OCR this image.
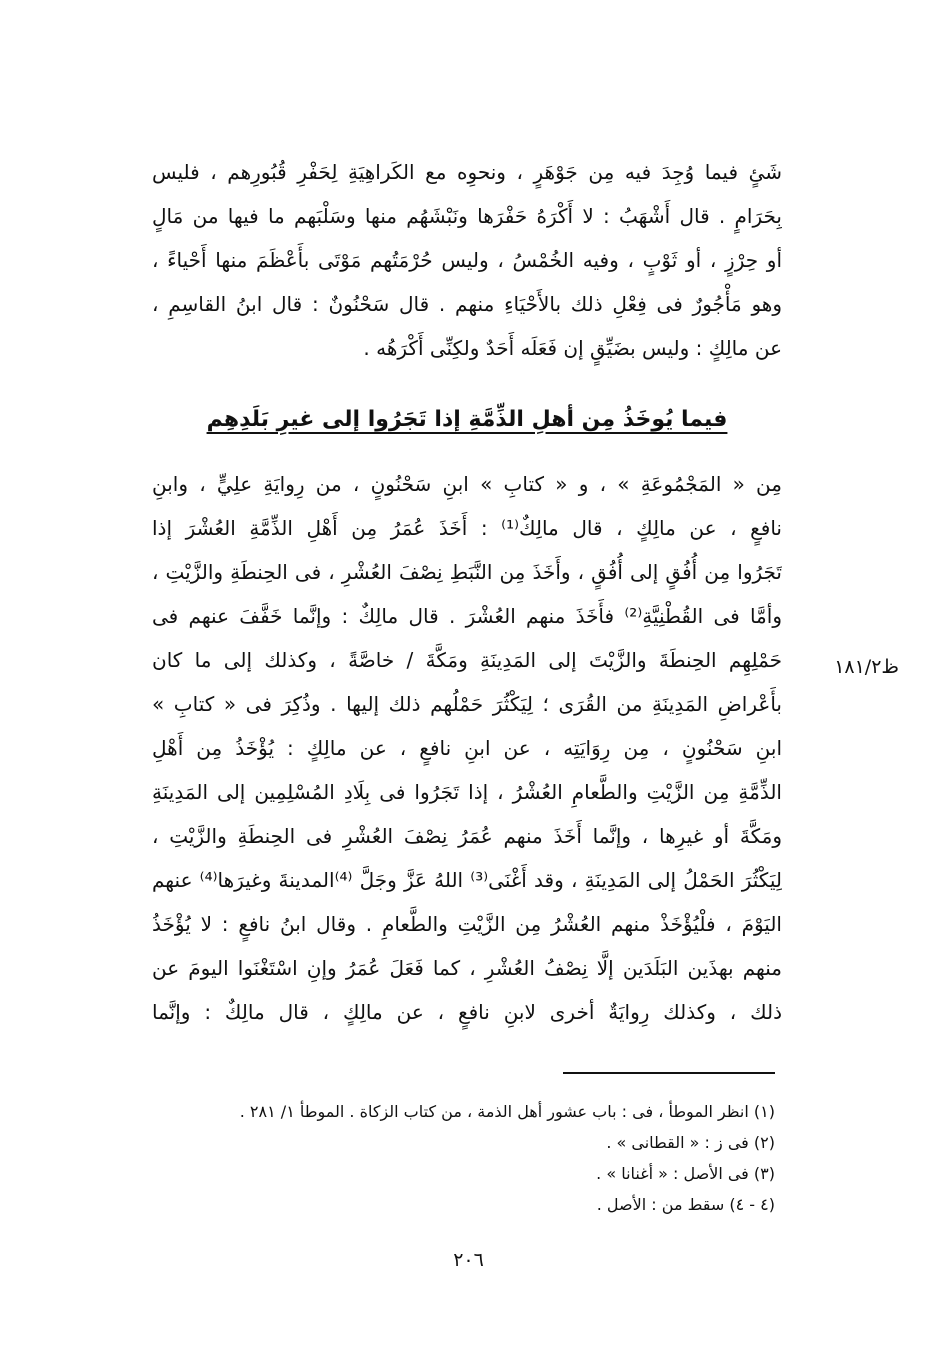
شَئٍ فيما وُجِدَ فيه مِن جَوْهَرٍ ، ونحوِه مع الكَراهِيَةِ لِحَفْرِ قُبُورِهم ، فليس
بِحَرَامٍ . قال أَشْهَبُ : لا أَكْرَهُ حَفْرَها ونَبْشَهُم منها وسَلْبَهم ما فيها من مَالٍ
أو حِرْزٍ ، أو ثَوْبٍ ، وفيه الخُمْسُ ، وليس حُرْمَتُهم مَوْتَى بأَعْظَمَ منها أَحْياءً ،
وهو مَأْجُورٌ فى فِعْلِ ذلك بالأَحْيَاءِ منهم . قال سَحْنُونٌ : قال ابنُ القاسِمِ ،
عن مالِكٍ : وليس بضَيِّقٍ إن فَعَلَه أَحَدٌ ولكِنِّى أَكْرَهُه .
فيما يُوخَذُ مِن أهلِ الذِّمَّةِ إذا تَجَرُوا إلى غيرِ بَلَدِهِم
مِن « المَجْمُوعَةِ » ، و « كتابِ » ابنِ سَحْنُونٍ ، من رِوايَةِ علِيٍّ ، وابنِ
نافعٍ ، عن مالِكٍ ، قال مالِكٌ⁽¹⁾ : أَخَذَ عُمَرُ مِن أَهْلِ الذِّمَّةِ العُشْرَ إذا
تَجَرُوا مِن أُفُقٍ إلى أُفُقٍ ، وأَخَذَ مِن النَّبَطِ نِصْفَ العُشْرِ ، فى الحِنطَةِ والزَّيْتِ ،
وأمَّا فى القُطْنِيَّةِ⁽²⁾ فأَخَذَ منهم العُشْرَ . قال مالِكٌ : وإنَّما خَفَّفَ عنهم فى
حَمْلِهِم الحِنطَةَ والزَّيْتَ إلى المَدِينَةِ ومَكَّةَ / خاصَّةً ، وكذلك إلى ما كان
بأَعْراضِ المَدِينَةِ من القُرَى ؛ لِيَكْثُرَ حَمْلُهم ذلك إليها . وذُكِرَ فى « كتابِ »
ابنِ سَحْنُونٍ ، مِن رِوَايَتِه ، عن ابنِ نافعٍ ، عن مالِكٍ : يُؤْخَذُ مِن أَهْلِ
الذِّمَّةِ مِن الزَّيْتِ والطَّعامِ العُشْرُ ، إذا تَجَرُوا فى بِلَادِ المُسْلِمِين إلى المَدِينَةِ
ومَكَّةَ أو غيرِها ، وإنَّما أَخَذَ منهم عُمَرُ نِصْفَ العُشْرِ فى الحِنطَةِ والزَّيْتِ ،
لِيَكْثُرَ الحَمْلُ إلى المَدِينَةِ ، وقد أَغْنَى⁽³⁾ اللهُ عَزَّ وجَلَّ ⁽⁴⁾المدينةَ وغيرَها⁽⁴⁾ عنهم
اليَوْمَ ، فلْيُؤْخَذْ منهم العُشْرُ مِن الزَّيْتِ والطَّعامِ . وقال ابنُ نافعٍ : لا يُؤْخَذُ
منهم بهذَين البَلَدَين إلَّا نِصْفُ العُشْرِ ، كما فَعَلَ عُمَرُ وإنِ اسْتَغْنَوا اليومَ عن
ذلك ، وكذلك رِوايَةٌ أخرى لابنِ نافعٍ ، عن مالِكٍ ، قال مالِكٌ : وإنَّما
ظ١٨١/٢
(١) انظر الموطأ ، فى : باب عشور أهل الذمة ، من كتاب الزكاة . الموطأ ١/ ٢٨١ .
(٢) فى ز : « القطانى » .
(٣) فى الأصل : « أغنانا » .
(٤ - ٤) سقط من : الأصل .
٢٠٦
